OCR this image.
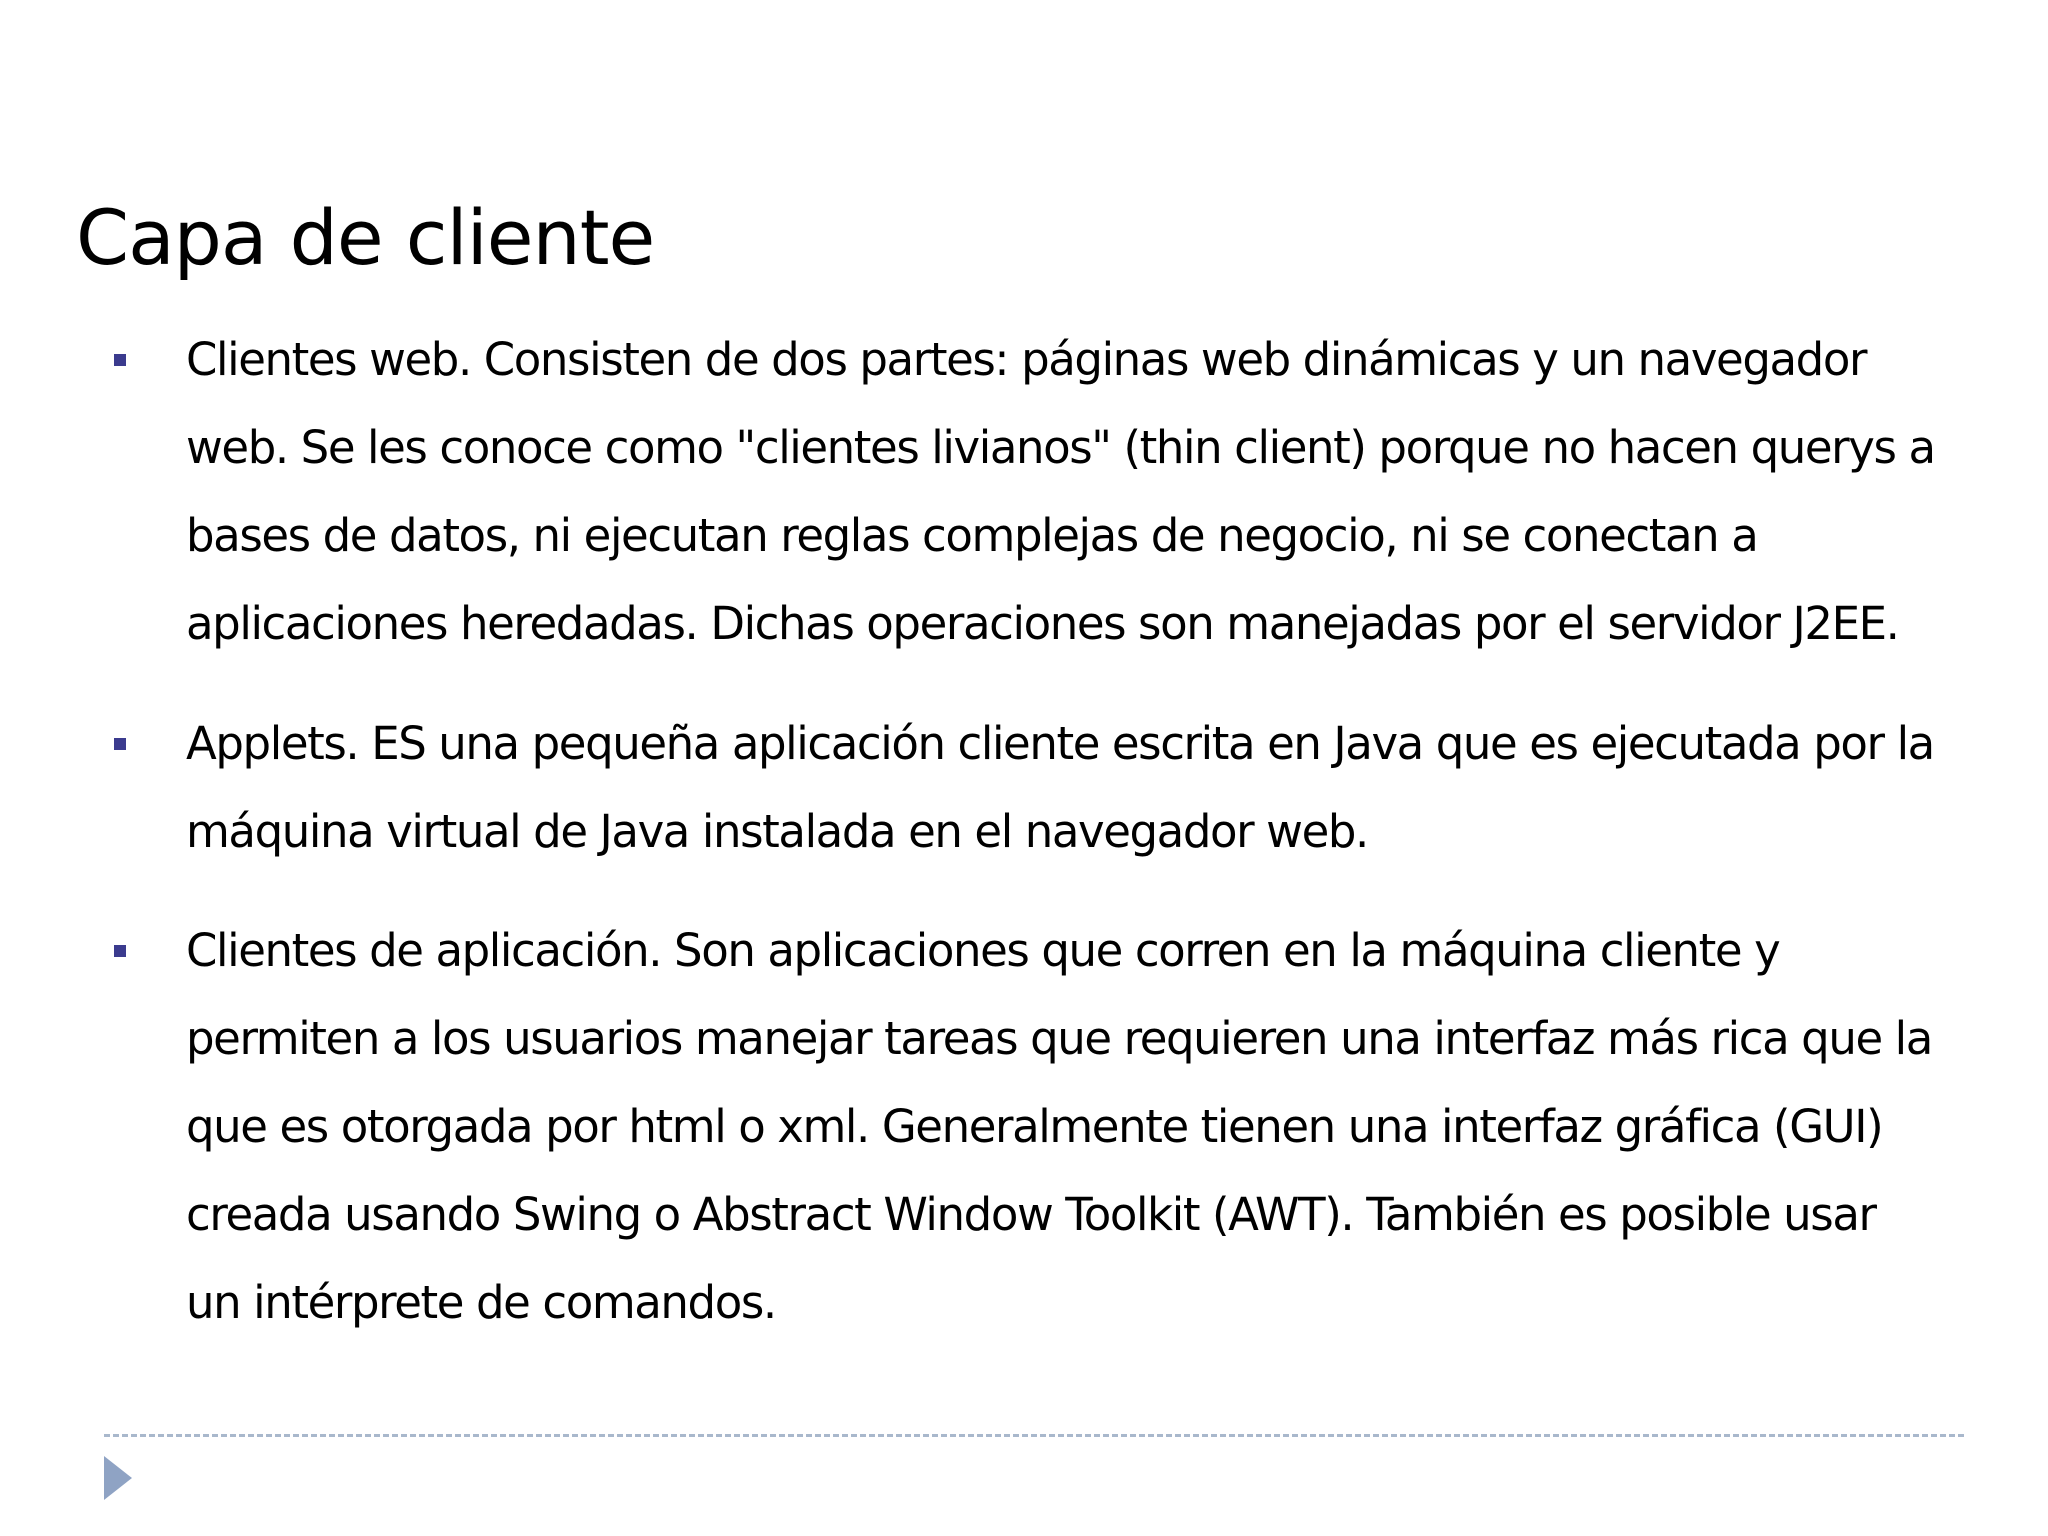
Capa de cliente
Clientes web. Consisten de dos partes: páginas web dinámicas y un navegador
web. Se les conoce como "clientes livianos" (thin client) porque no hacen querys a
bases de datos, ni ejecutan reglas complejas de negocio, ni se conectan a
aplicaciones heredadas. Dichas operaciones son manejadas por el servidor J2EE.
Applets. ES una pequeña aplicación cliente escrita en Java que es ejecutada por la
máquina virtual de Java instalada en el navegador web.
Clientes de aplicación. Son aplicaciones que corren en la máquina cliente y
permiten a los usuarios manejar tareas que requieren una interfaz más rica que la
que es otorgada por html o xml. Generalmente tienen una interfaz gráfica (GUI)
creada usando Swing o Abstract Window Toolkit (AWT). También es posible usar
un intérprete de comandos.
